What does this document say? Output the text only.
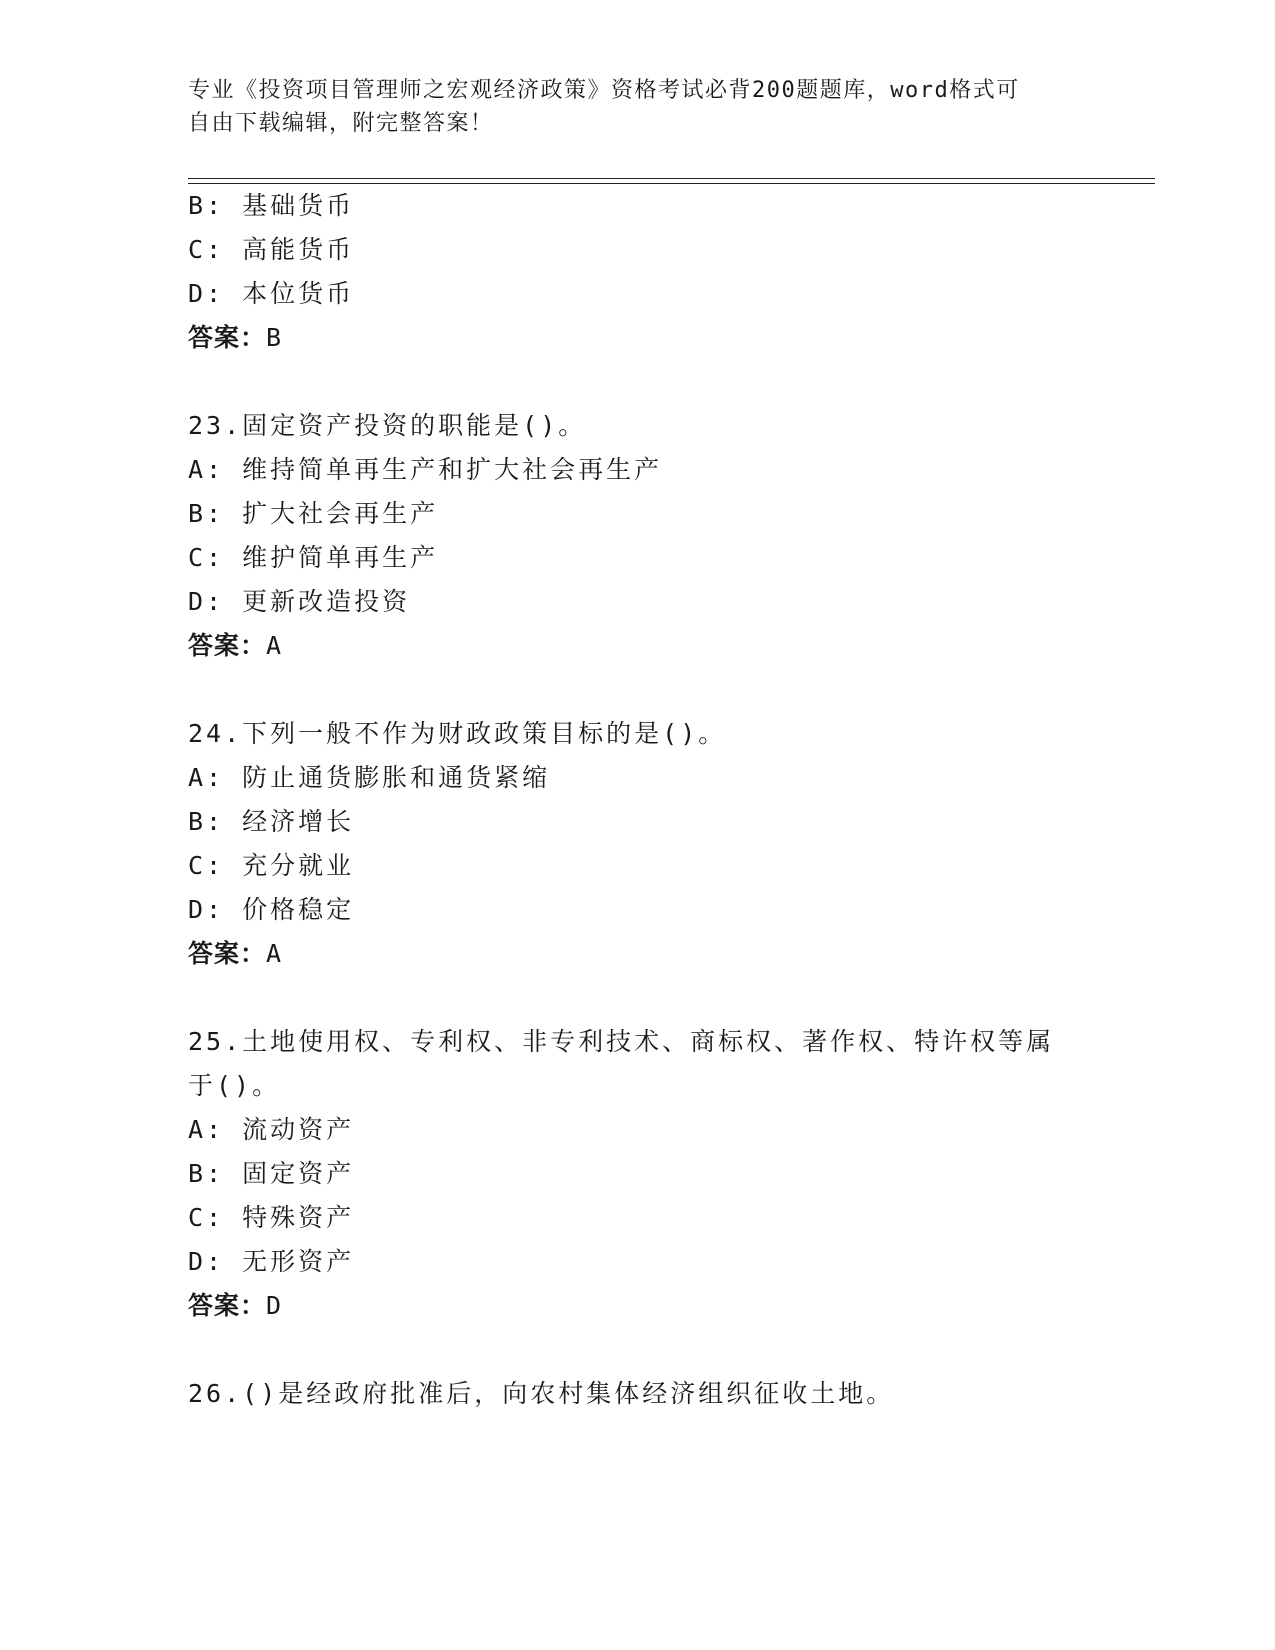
专业《投资项目管理师之宏观经济政策》资格考试必背200题题库，word格式可
自由下载编辑，附完整答案！
B: 基础货币
C: 高能货币
D: 本位货币
答案：B
23.固定资产投资的职能是()。
A: 维持简单再生产和扩大社会再生产
B: 扩大社会再生产
C: 维护简单再生产
D: 更新改造投资
答案：A
24.下列一般不作为财政政策目标的是()。
A: 防止通货膨胀和通货紧缩
B: 经济增长
C: 充分就业
D: 价格稳定
答案：A
25.土地使用权、专利权、非专利技术、商标权、著作权、特许权等属
于()。
A: 流动资产
B: 固定资产
C: 特殊资产
D: 无形资产
答案：D
26.()是经政府批准后，向农村集体经济组织征收土地。
